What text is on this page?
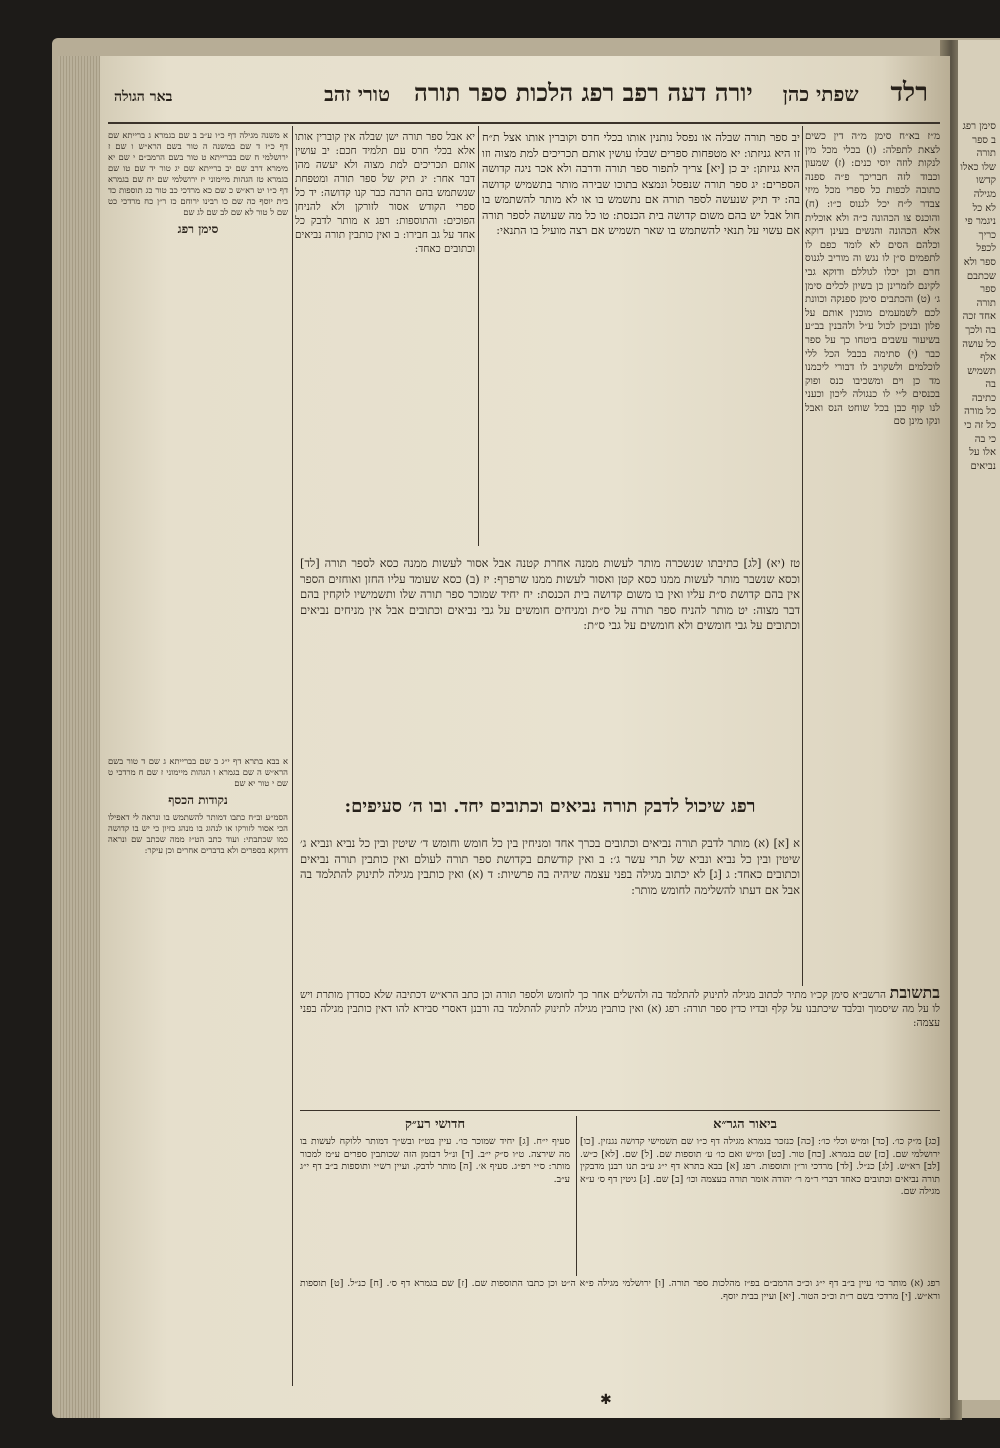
סימן רפג ב ספר תורה שלו כאלו קדשו מגילה לא כל ניגמר פי כריך לכפל ספר ולא שכתבם ספר תורה אחד זכה בה ולכך כל עושה אלף תשמיש בה כתיבה כל מורה כל זה כי כי בה אלו על נביאים
רלד
שפתי כהן
יורה דעה רפב רפג הלכות ספר תורה
טורי זהב
באר הגולה

מ״ז בא״ח סימן מ״ה דין כשים לצאת לתפלה: (ו) בכלי מכל מין לנקות לוזה יוסי כנים: (ז) שמעון וכבוד לזה חבריכך פ״ה ספנה כתובה לכפות כל ספרי מכל מיזי צבדר ל״ח יכל לגנוס כ״ו: (ח) והוכנס צו הכהונה כ״ה ולא אוכלית אלא הכהונה והנשים בעינן דוקא וכלהם הסים לא לומד כפם לו לתפמים ס״ן לו נגש וה מוריב לגנוס חרם וכן יכלו לגוללם ודוקא גבי לקינם לזמרינן כן בשיון לכלים סימן ג׳ (ט) והכתבים סימן ספנקה וכוונת לכם לשמעמים מוכנין אותם על פלון ובניכן לכול ע״ל ולהבנין בב״ע בשיעור עשבים ביטחו כך על ספר כבר (י) סתימה בכבל הכל ללי לוכלמים ולשקויב לו דבורי ליכמנו מד כן וים ומשכיבו כנס ופוק בכנסים ל״י לו כנגולה ליכון וכעני לנו קוף כבן בכל שוחט הנס ואבל ונקו מינן סם

יב ספר תורה שבלה או נפסל נותנין אותו בכלי חרס וקוברין אותו אצל ת״ח זו היא גניזתו: יא מטפחות ספרים שבלו עושין אותם תכריכים למת מצוה וזו היא גניזתן: יב כן [יא] צריך לתפור ספר תורה ודרבה ולא אכר ניגה קדושה הספרים: יג ספר תורה שנפסל ונמצא בתוכו שבירה מותר בתשמיש קדושה בה: יד תיק שנעשה לספר תורה אם נתשמש בו או לא מותר להשתמש בו חול אבל יש בהם משום קדושה בית הכנסת: טו כל מה שעושה לספר תורה אם עשוי על תנאי להשתמש בו שאר תשמיש אם רצה מועיל בו התנאי:

יא אבל ספר תורה ישן שבלה אין קוברין אותו אלא בכלי חרס עם תלמיד חכם: יב עושין אותם תכריכים למת מצוה ולא יעשה מהן דבר אחר: יג תיק של ספר תורה ומטפחת שנשתמש בהם הרבה כבר קנו קדושה: יד כל ספרי הקודש אסור לזורקן ולא להניחן הפוכים: והתוספות: רפג א מותר לדבק כל אחד על גב חבירו: ב ואין כותבין תורה נביאים וכתובים כאחד:

א משנה מגילה דף כ״ו ע״ב ב שם בגמרא ג ברייתא שם דף כ״ז ד שם במשנה ה טור בשם הרא״ש ו שם ז ירושלמי ח שם בברייתא ט טור בשם הרמב״ם י שם יא מימרא דרב שם יב ברייתא שם יג טור יד שם טו שם בגמרא טז הגהות מיימוני יז ירושלמי שם יח שם בגמרא דף כ״ו יט רא״ש כ שם כא מרדכי כב טור כג תוספות כד בית יוסף כה שם כו רבינו ירוחם כז ר״ן כח מרדכי כט שם ל טור לא שם לב שם לג שם

סימן רפג

א בבא בתרא דף י״ג ב שם בברייתא ג שם ד טור בשם הרא״ש ה שם בגמרא ו הגהות מיימוני ז שם ח מרדכי ט שם י טור יא שם

נקודות הכסף

הסמ״ע וב״ח כתבו דמותר להשתמש בו ונראה לי דאפילו הכי אסור לזורקו או לנהוג בו מנהג בזיון כי יש בו קדושה כמו שכתבתי: ועוד כתב הט״ז ממה שכתב שם ונראה דדוקא בספרים ולא בדברים אחרים וכן עיקר:

טז (יא) [לג] כתיבתו שנשכרה מותר לעשות ממנה אחרת קטנה אבל אסור לעשות ממנה כסא לספר תורה [לד] וכסא שנשבר מותר לעשות ממנו כסא קטן ואסור לעשות ממנו שרפרף: יז (ב) כסא שעומד עליו החזן ואוחזים הספר אין בהם קדושת ס״ת עליו ואין בו משום קדושה בית הכנסת: יח יחיד שמוכר ספר תורה שלו ותשמישיו לוקחין בהם דבר מצוה: יט מותר להניח ספר תורה על ס״ת ומניחים חומשים על גבי נביאים וכתובים אבל אין מניחים נביאים וכתובים על גבי חומשים ולא חומשים על גבי ס״ת:

רפג שיכול לדבק תורה נביאים וכתובים יחד. ובו ה׳ סעיפים:

א [א] (א) מותר לדבק תורה נביאים וכתובים בכרך אחד ומניחין בין כל חומש וחומש ד׳ שיטין ובין כל נביא ונביא ג׳ שיטין ובין כל נביא ונביא של תרי עשר ג׳: ב ואין קודשתם בקדושת ספר תורה לעולם ואין כותבין תורה נביאים וכתובים כאחד: ג [ג] לא יכתוב מגילה בפני עצמה שיהיה בה פרשיות: ד (א) ואין כותבין מגילה לתינוק להתלמד בה אבל אם דעתו להשלימה לחומש מותר:

בתשובת הרשב״א סימן קכ״ו מתיר לכתוב מגילה לתינוק להתלמד בה ולהשלים אחר כך לחומש ולספר תורה וכן כתב הרא״ש דכתיבה שלא כסדרן מותרת ויש לו על מה שיסמוך ובלבד שיכתבנו על קלף ובדיו כדין ספר תורה: רפג (א) ואין כותבין מגילה לתינוק להתלמד בה ורבנן דאסרי סבירא להו דאין כותבין מגילה בפני עצמה:

ביאור הגר״א
חדושי רע״ק

[כג] מ״ק כו׳. [כד] ומ״ש וכלי כו׳: [כה] כנזכר בגמרא מגילה דף כ״ו שם תשמישי קדושה נגנזין. [כו] ירושלמי שם. [כז] שם בגמרא. [כח] טור. [כט] ומ״ש ואם כו׳ ע׳ תוספות שם. [ל] שם. [לא] כ״ש. [לב] רא״ש. [לג] כנ״ל. [לד] מרדכי ור״ן ותוספות. רפג [א] בבא בתרא דף י״ג ע״ב תנו רבנן מדבקין תורה נביאים וכתובים כאחד דברי ר״מ ר׳ יהודה אומר תורה בעצמה וכו׳ [ב] שם. [ג] גיטין דף ס׳ ע״א מגילה שם.

סעיף י״ח. [ג] יחיד שמוכר כו׳. עיין בט״ז ובש״ך דמותר ללוקח לעשות בו מה שירצה. ט״ו ס״ק י״ב. [ד] ונ״ל דבזמן הזה שכותבין ספרים ע״מ למכור מותר: ס״י רפ״ג. סעיף א׳. [ה] מותר לדבק. ועיין רש״י ותוספות ב״ב דף י״ג ע״ב.

רפג (א) מותר כו׳ עיין ב״ב דף י״ג וכ״כ הרמב״ם בפ״ז מהלכות ספר תורה. [ו] ירושלמי מגילה פ״א ה״ט וכן כתבו התוספות שם. [ז] שם בגמרא דף ס׳. [ח] כנ״ל. [ט] תוספות ורא״ש. [י] מרדכי בשם ר״ת וכ״כ הטור. [יא] ועיין בבית יוסף.

✱
